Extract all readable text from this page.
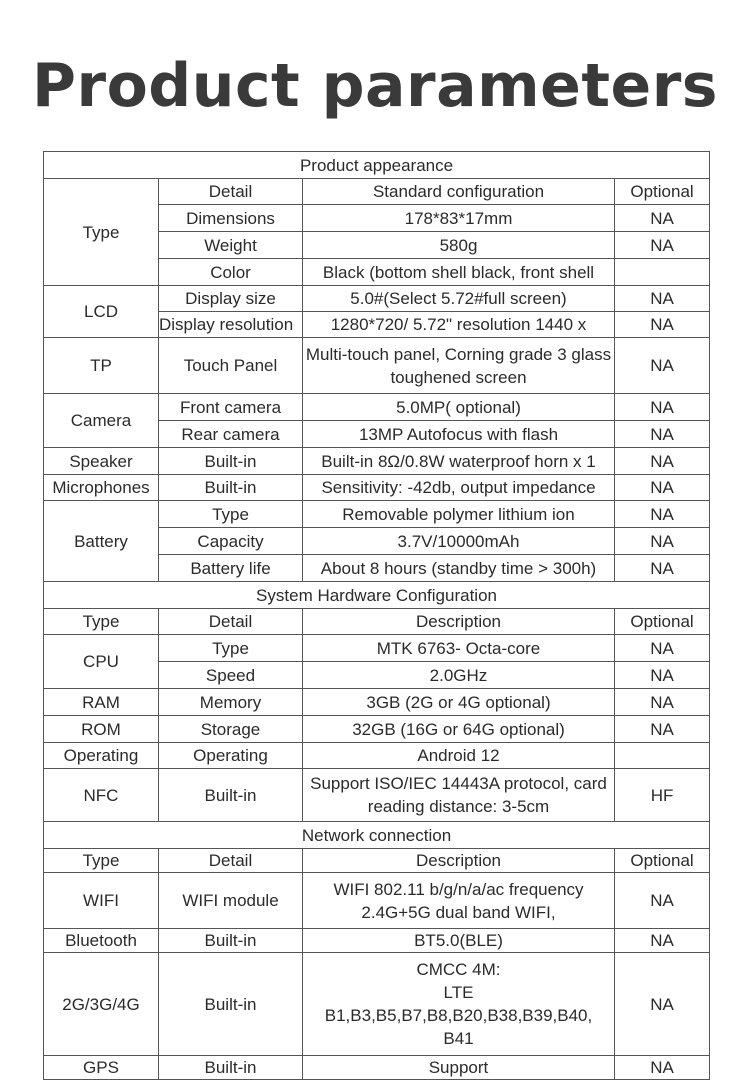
Product parameters
Product appearance			
Type	Detail	Standard configuration	Optional
	Dimensions	178*83*17mm	NA
	Weight	580g	NA
	Color	Black (bottom shell black, front shell	
LCD	Display size	5.0#(Select 5.72#full screen)	NA
	Display resolution	1280*720/ 5.72" resolution 1440 x	NA
TP	Touch Panel	Multi-touch panel, Corning grade 3 glass toughened screen	NA
Camera	Front camera	5.0MP( optional)	NA
	Rear camera	13MP Autofocus with flash	NA
Speaker	Built-in	Built-in 8Ω/0.8W waterproof horn x 1	NA
Microphones	Built-in	Sensitivity: -42db, output impedance	NA
Battery	Type	Removable polymer lithium ion	NA
	Capacity	3.7V/10000mAh	NA
	Battery life	About 8 hours (standby time > 300h)	NA
System Hardware Configuration			
Type	Detail	Description	Optional
CPU	Type	MTK 6763- Octa-core	NA
	Speed	2.0GHz	NA
RAM	Memory	3GB (2G or 4G optional)	NA
ROM	Storage	32GB (16G or 64G optional)	NA
Operating	Operating	Android 12	
NFC	Built-in	Support ISO/IEC 14443A protocol, card reading distance: 3-5cm	HF
Network connection			
Type	Detail	Description	Optional
WIFI	WIFI module	WIFI 802.11 b/g/n/a/ac frequency 2.4G+5G dual band WIFI,	NA
Bluetooth	Built-in	BT5.0(BLE)	NA
2G/3G/4G	Built-in	CMCC 4M:
LTE
B1,B3,B5,B7,B8,B20,B38,B39,B40,
B41	NA
GPS	Built-in	Support	NA
